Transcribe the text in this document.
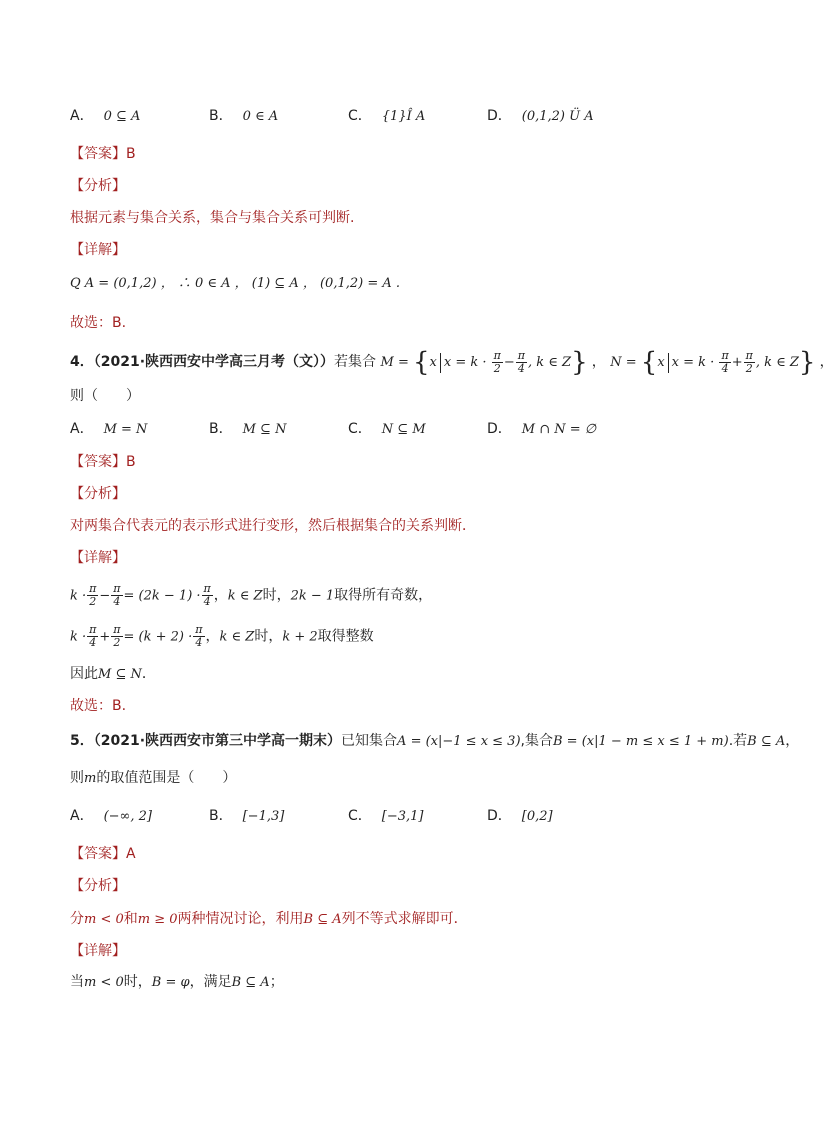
A． 0 ⊆ A	B． 0 ∈ A	C． {1}Î A	D． (0,1,2) Ü A
【答案】B
【分析】
根据元素与集合关系，集合与集合关系可判断.
【详解】
Q A = (0,1,2) ， ∴ 0 ∈ A ， (1) ⊆ A ， (0,1,2) = A .
故选：B.
4．（2021·陕西西安中学高三月考（文））若集合 M = {x $x = k \cdot \frac{\pi}{2} - \frac{\pi}{4}$ , k ∈ Z} ， N = {x $x = k \cdot \frac{\pi}{4} + \frac{\pi}{2}$ , k ∈ Z} ，
则（　　）
A． M = N	B． M ⊆ N	C． N ⊆ M	D． M ∩ N = ∅
【答案】B
【分析】
对两集合代表元的表示形式进行变形，然后根据集合的关系判断．
【详解】
$k \cdot \frac{\pi}{2} - \frac{\pi}{4} = (2k - 1) \cdot \frac{\pi}{4}$ ，k ∈ Z时，2k − 1取得所有奇数，
$k \cdot \frac{\pi}{4} + \frac{\pi}{2} = (k + 2) \cdot \frac{\pi}{4}$ ，k ∈ Z时，k + 2取得整数
因此M ⊆ N．
故选：B.
5．（2021·陕西西安市第三中学高一期末）已知集合A = (x|−1 ≤ x ≤ 3),集合B = (x|1 − m ≤ x ≤ 1 + m).若B ⊆ A，
则m的取值范围是（　　）
A． (−∞, 2]	B． [−1,3]	C． [−3,1]	D． [0,2]
【答案】A
【分析】
分m < 0和m ≥ 0两种情况讨论，利用B ⊆ A列不等式求解即可．
【详解】
当m < 0时，B = φ，满足B ⊆ A；
